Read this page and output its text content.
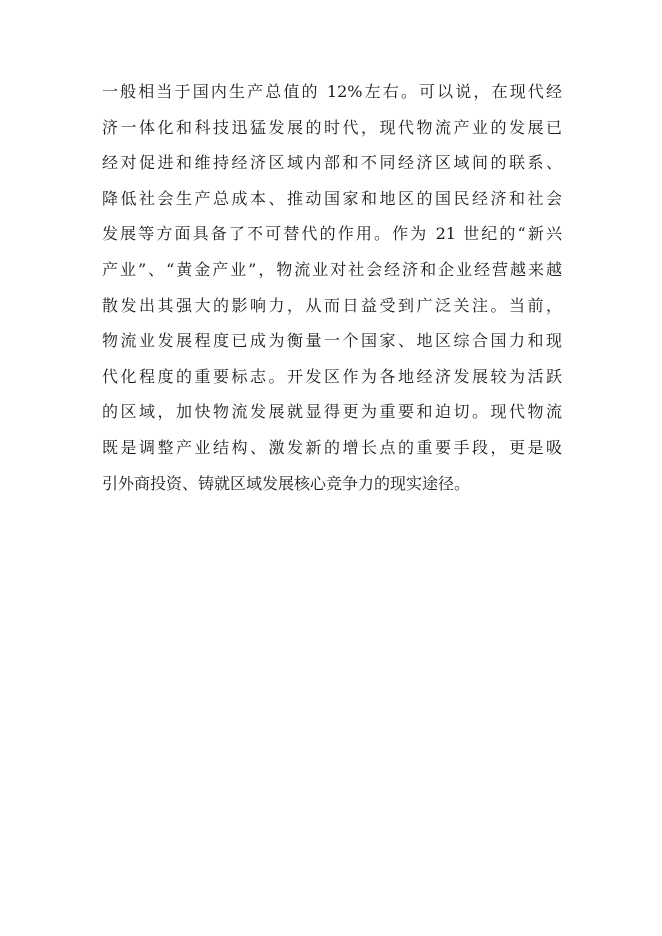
一般相当于国内生产总值的 12%左右。可以说，在现代经
济一体化和科技迅猛发展的时代，现代物流产业的发展已
经对促进和维持经济区域内部和不同经济区域间的联系、
降低社会生产总成本、推动国家和地区的国民经济和社会
发展等方面具备了不可替代的作用。作为 21 世纪的“新兴
产业”、“黄金产业”，物流业对社会经济和企业经营越来越
散发出其强大的影响力，从而日益受到广泛关注。当前，
物流业发展程度已成为衡量一个国家、地区综合国力和现
代化程度的重要标志。开发区作为各地经济发展较为活跃
的区域，加快物流发展就显得更为重要和迫切。现代物流
既是调整产业结构、激发新的增长点的重要手段，更是吸
引外商投资、铸就区域发展核心竞争力的现实途径。
